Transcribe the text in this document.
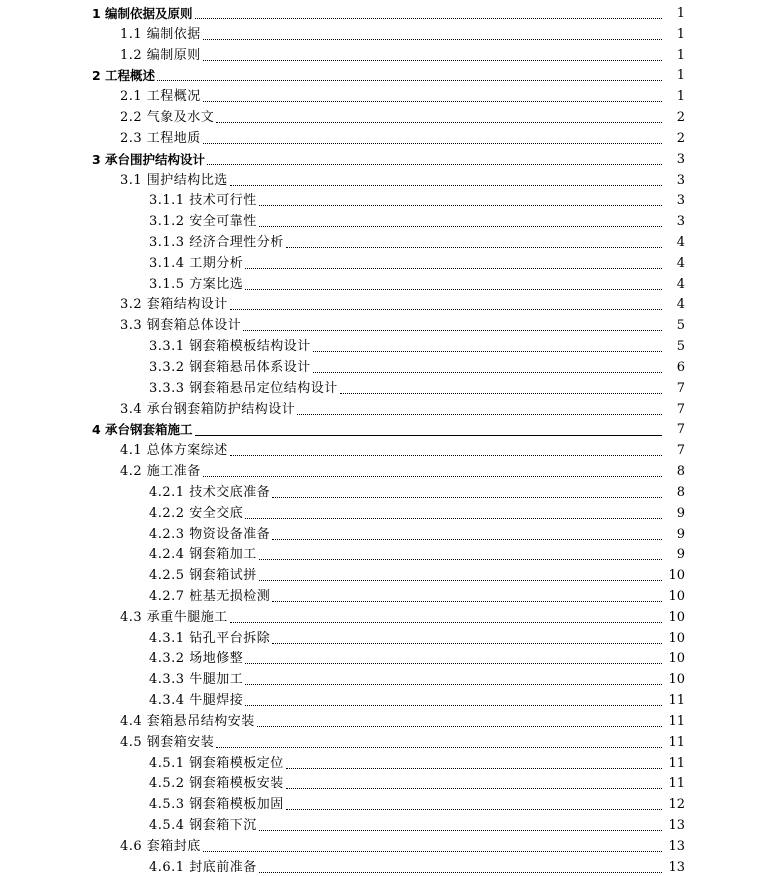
1 编制依据及原则	1
1.1 编制依据	1
1.2 编制原则	1
2 工程概述	1
2.1 工程概况	1
2.2 气象及水文	2
2.3 工程地质	2
3 承台围护结构设计	3
3.1 围护结构比选	3
3.1.1 技术可行性	3
3.1.2 安全可靠性	3
3.1.3 经济合理性分析	4
3.1.4 工期分析	4
3.1.5 方案比选	4
3.2 套箱结构设计	4
3.3 钢套箱总体设计	5
3.3.1 钢套箱模板结构设计	5
3.3.2 钢套箱悬吊体系设计	6
3.3.3 钢套箱悬吊定位结构设计	7
3.4 承台钢套箱防护结构设计	7
4 承台钢套箱施工	7
4.1 总体方案综述	7
4.2 施工准备	8
4.2.1 技术交底准备	8
4.2.2 安全交底	9
4.2.3 物资设备准备	9
4.2.4 钢套箱加工	9
4.2.5 钢套箱试拼	10
4.2.7 桩基无损检测	10
4.3 承重牛腿施工	10
4.3.1 钻孔平台拆除	10
4.3.2 场地修整	10
4.3.3 牛腿加工	10
4.3.4 牛腿焊接	11
4.4 套箱悬吊结构安装	11
4.5 钢套箱安装	11
4.5.1 钢套箱模板定位	11
4.5.2 钢套箱模板安装	11
4.5.3 钢套箱模板加固	12
4.5.4 钢套箱下沉	13
4.6 套箱封底	13
4.6.1 封底前准备	13
